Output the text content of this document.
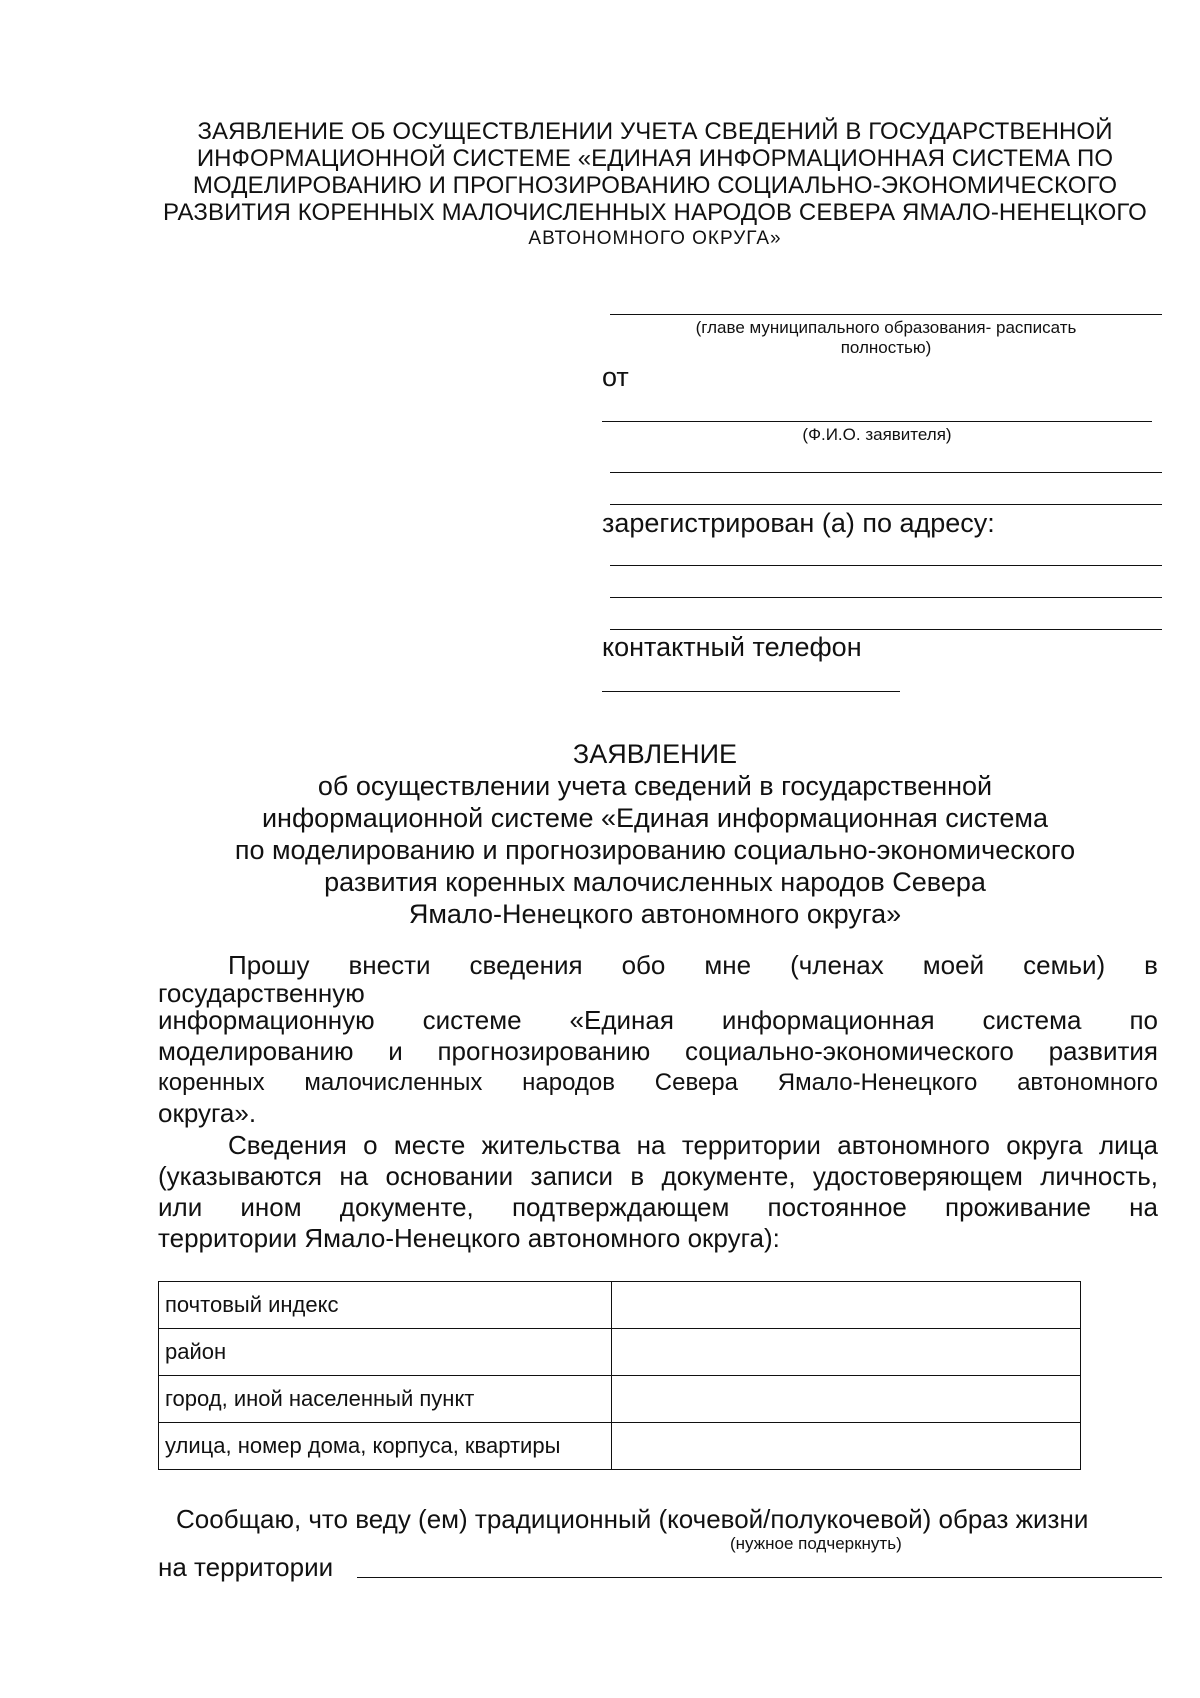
ЗАЯВЛЕНИЕ ОБ ОСУЩЕСТВЛЕНИИ УЧЕТА СВЕДЕНИЙ В ГОСУДАРСТВЕННОЙ
ИНФОРМАЦИОННОЙ СИСТЕМЕ «ЕДИНАЯ ИНФОРМАЦИОННАЯ СИСТЕМА ПО
МОДЕЛИРОВАНИЮ И ПРОГНОЗИРОВАНИЮ СОЦИАЛЬНО-ЭКОНОМИЧЕСКОГО
РАЗВИТИЯ КОРЕННЫХ МАЛОЧИСЛЕННЫХ НАРОДОВ СЕВЕРА ЯМАЛО-НЕНЕЦКОГО
АВТОНОМНОГО ОКРУГА»
(главе муниципального образования- расписать
полностью)
от
(Ф.И.О. заявителя)
зарегистрирован (а) по адресу:
контактный телефон
ЗАЯВЛЕНИЕ
об осуществлении учета сведений в государственной
информационной системе «Единая информационная система
по моделированию и прогнозированию социально-экономического
развития коренных малочисленных народов Севера
Ямало-Ненецкого автономного округа»
Прошу внести сведения обо мне (членах моей семьи) в
государственную
информационную системе «Единая информационная система по
моделированию и прогнозированию социально-экономического развития
коренных малочисленных народов Севера Ямало-Ненецкого автономного
округа».
Сведения о месте жительства на территории автономного округа лица
(указываются на основании записи в документе, удостоверяющем личность,
или ином документе, подтверждающем постоянное проживание на
территории Ямало-Ненецкого автономного округа):
почтовый индекс	
район	
город, иной населенный пункт	
улица, номер дома, корпуса, квартиры	
Сообщаю, что веду (ем) традиционный (кочевой/полукочевой) образ жизни
(нужное подчеркнуть)
на территории
